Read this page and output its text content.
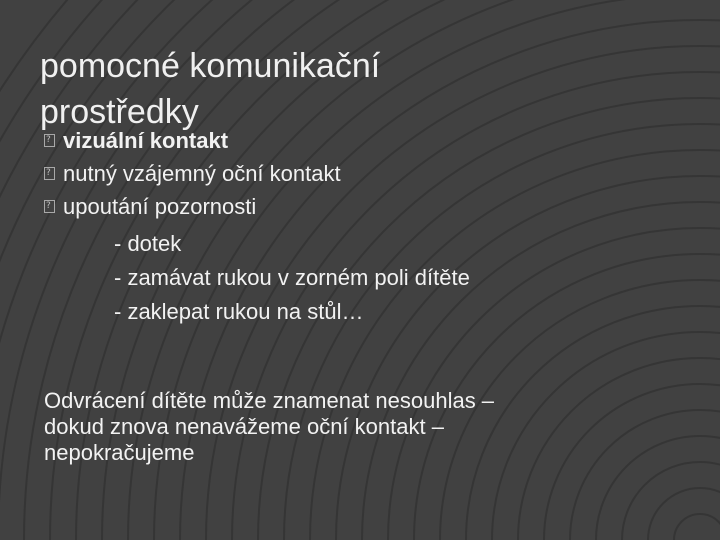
pomocné komunikační
prostředky
?
vizuální kontakt
?
nutný vzájemný oční kontakt
?
upoutání pozornosti
- dotek
- zamávat rukou v zorném poli dítěte
- zaklepat rukou na stůl…

Odvrácení dítěte může znamenat nesouhlas –
dokud znova nenavážeme oční kontakt –
nepokračujeme
